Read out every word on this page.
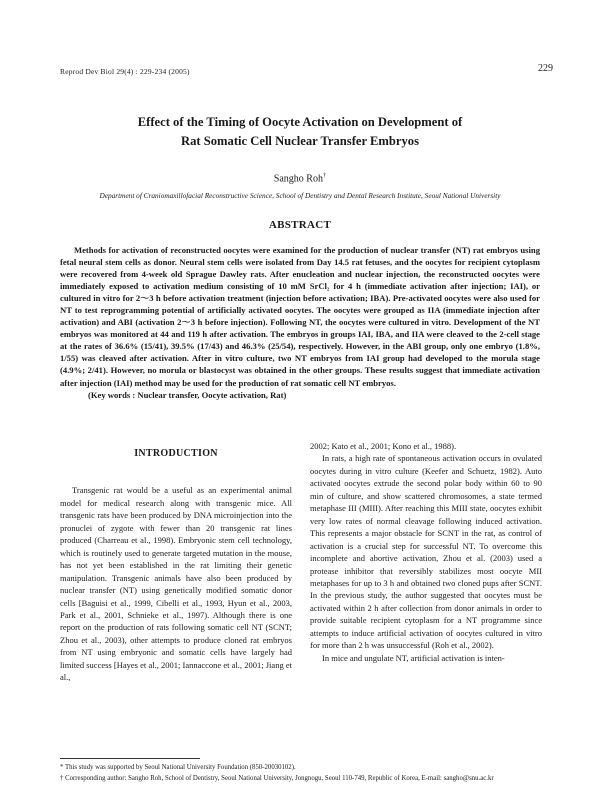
Reprod Dev Biol 29(4) : 229-234 (2005)	229
Effect of the Timing of Oocyte Activation on Development of
Rat Somatic Cell Nuclear Transfer Embryos
Sangho Roh†
Department of Craniomaxillofacial Reconstructive Science, School of Dentistry and Dental Research Institute, Seoul National University
ABSTRACT

Methods for activation of reconstructed oocytes were examined for the production of nuclear transfer (NT) rat embryos using fetal neural stem cells as donor. Neural stem cells were isolated from Day 14.5 rat fetuses, and the oocytes for recipient cytoplasm were recovered from 4-week old Sprague Dawley rats. After enucleation and nuclear injection, the reconstructed oocytes were immediately exposed to activation medium consisting of 10 mM SrCl₂ for 4 h (immediate activation after injection; IAI), or cultured in vitro for 2～3 h before activation treatment (injection before activation; IBA). Pre-activated oocytes were also used for NT to test reprogramming potential of artificially activated oocytes. The oocytes were grouped as IIA (immediate injection after activation) and ABI (activation 2～3 h before injection). Following NT, the oocytes were cultured in vitro. Development of the NT embryos was monitored at 44 and 119 h after activation. The embryos in groups IAI, IBA, and IIA were cleaved to the 2-cell stage at the rates of 36.6% (15/41), 39.5% (17/43) and 46.3% (25/54), respectively. However, in the ABI group, only one embryo (1.8%, 1/55) was cleaved after activation. After in vitro culture, two NT embryos from IAI group had developed to the morula stage (4.9%; 2/41). However, no morula or blastocyst was obtained in the other groups. These results suggest that immediate activation after injection (IAI) method may be used for the production of rat somatic cell NT embryos.

(Key words : Nuclear transfer, Oocyte activation, Rat)

INTRODUCTION

Transgenic rat would be a useful as an experimental animal model for medical research along with transgenic mice. All transgenic rats have been produced by DNA microinjection into the pronuclei of zygote with fewer than 20 transgenic rat lines produced (Charreau et al., 1998). Embryonic stem cell technology, which is routinely used to generate targeted mutation in the mouse, has not yet been established in the rat limiting their genetic manipulation. Transgenic animals have also been produced by nuclear transfer (NT) using genetically modified somatic donor cells [Baguisi et al., 1999, Cibelli et al., 1993, Hyun et al., 2003, Park et al., 2001, Schnieke et al., 1997). Although there is one report on the production of rats following somatic cell NT (SCNT; Zhou et al., 2003), other attempts to produce cloned rat embryos from NT using embryonic and somatic cells have largely had limited success [Hayes et al., 2001; Iannaccone et al., 2001; Jiang et al.,

2002; Kato et al., 2001; Kono et al., 1988).

In rats, a high rate of spontaneous activation occurs in ovulated oocytes during in vitro culture (Keefer and Schuetz, 1982). Auto activated oocytes extrude the second polar body within 60 to 90 min of culture, and show scattered chromosomes, a state termed metaphase III (MIII). After reaching this MIII state, oocytes exhibit very low rates of normal cleavage following induced activation. This represents a major obstacle for SCNT in the rat, as control of activation is a crucial step for successful NT. To overcome this incomplete and abortive activation, Zhou et al. (2003) used a protease inhibitor that reversibly stabilizes most oocyte MII metaphases for up to 3 h and obtained two cloned pups after SCNT. In the previous study, the author suggested that oocytes must be activated within 2 h after collection from donor animals in order to provide suitable recipient cytoplasm for a NT programme since attempts to induce artificial activation of oocytes cultured in vitro for more than 2 h was unsuccessful (Roh et al., 2002).

In mice and ungulate NT, artificial activation is inten-

* This study was supported by Seoul National University Foundation (850-20030102).

† Corresponding author: Sangho Roh, School of Dentistry, Seoul National University, Jongnogu, Seoul 110-749, Republic of Korea, E-mail: sangho@snu.ac.kr
